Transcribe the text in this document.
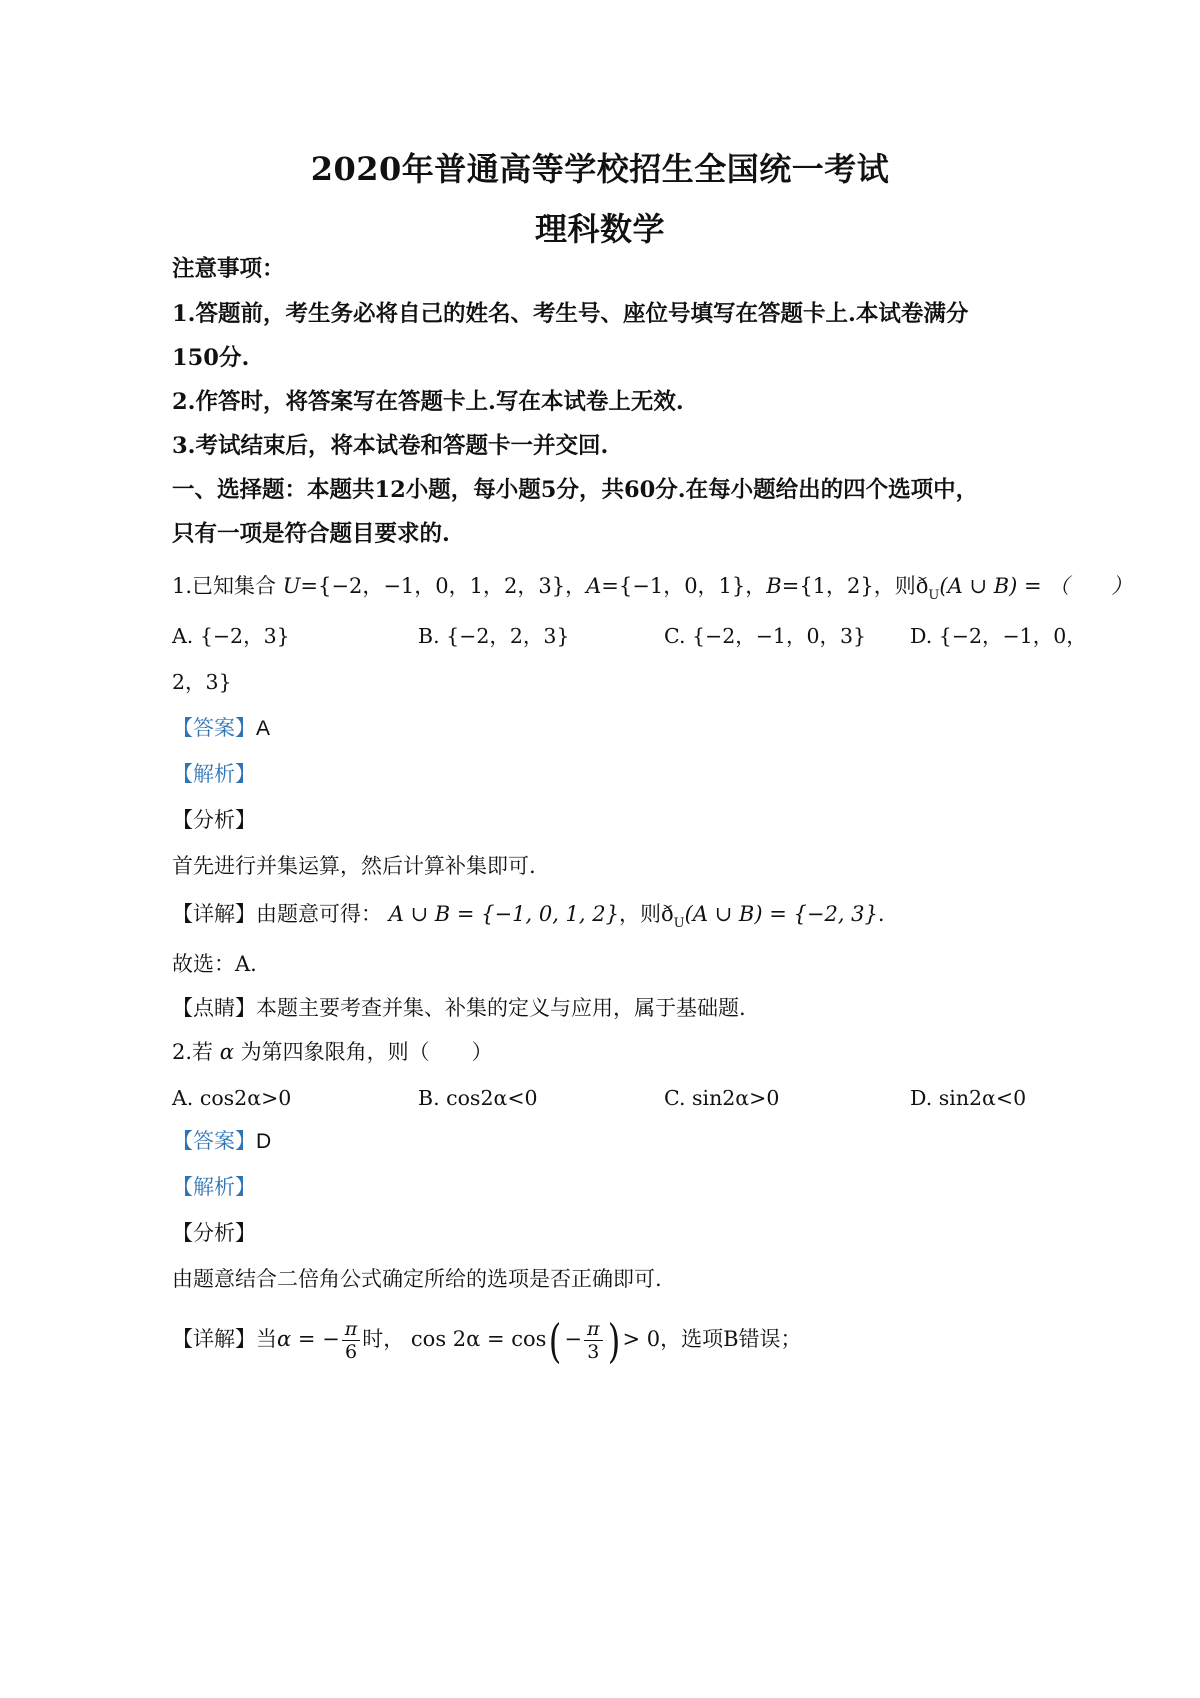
2020年普通高等学校招生全国统一考试
理科数学
注意事项：
1.答题前，考生务必将自己的姓名、考生号、座位号填写在答题卡上.本试卷满分
150分.
2.作答时，将答案写在答题卡上.写在本试卷上无效.
3.考试结束后，将本试卷和答题卡一并交回.
一、选择题：本题共12小题，每小题5分，共60分.在每小题给出的四个选项中，
只有一项是符合题目要求的.
1.已知集合 U={−2，−1，0，1，2，3}，A={−1，0，1}，B={1，2}，则$ð_U(A$ ∪ B) = （　　）
A. {−2，3}	B. {−2，2，3}	C. {−2，−1，0，3} D. {−2，−1，0，
2，3}
【答案】A
【解析】
【分析】
首先进行并集运算，然后计算补集即可.
【详解】由题意可得： A ∪ B = {−1, 0, 1, 2}，则$ð_U(A$ ∪ B) = {−2, 3}.
故选：A.
【点睛】本题主要考查并集、补集的定义与应用，属于基础题.
2.若 α 为第四象限角，则（　　）
A. cos2α>0	B. cos2α<0	C. sin2α>0	D. sin2α<0
【答案】D
【解析】
【分析】
由题意结合二倍角公式确定所给的选项是否正确即可.
【详解】当α = − $\frac{\pi}{6}$ 时， $\cos 2\alpha = \cos( - \frac{\pi}{3}$ ) > 0，选项B错误；
